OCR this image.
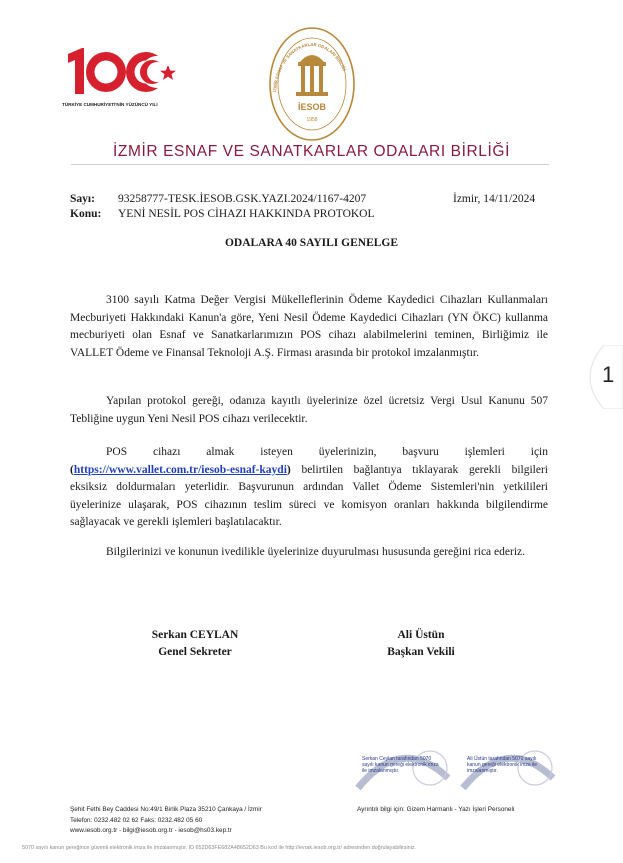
TÜRKİYE CUMHURİYETİ'NİN YÜZÜNCÜ YILI	İESOB
1958
İZMİR ESNAF VE SANATKARLAR ODALARI BİRLİĞİ
İZMİR ESNAF VE SANATKARLAR ODALARI BİRLİĞİ
Sayı: 93258777-TESK.İESOB.GSK.YAZI.2024/1167-4207	İzmir, 14/11/2024
Konu: YENİ NESİL POS CİHAZI HAKKINDA PROTOKOL
ODALARA 40 SAYILI GENELGE
3100 sayılı Katma Değer Vergisi Mükelleflerinin Ödeme Kaydedici Cihazları Kullanmaları Mecburiyeti Hakkındaki Kanun'a göre, Yeni Nesil Ödeme Kaydedici Cihazları (YN ÖKC) kullanma mecburiyeti olan Esnaf ve Sanatkarlarımızın POS cihazı alabilmelerini teminen, Birliğimiz ile VALLET Ödeme ve Finansal Teknoloji A.Ş. Firması arasında bir protokol imzalanmıştır.
Yapılan protokol gereği, odanıza kayıtlı üyelerinize özel ücretsiz Vergi Usul Kanunu 507 Tebliğine uygun Yeni Nesil POS cihazı verilecektir.
POS cihazı almak isteyen üyelerinizin, başvuru işlemleri için (https://www.vallet.com.tr/iesob-esnaf-kaydi) belirtilen bağlantıya tıklayarak gerekli bilgileri eksiksiz doldurmaları yeterlidir. Başvurunun ardından Vallet Ödeme Sistemleri'nin yetkilileri üyelerinize ulaşarak, POS cihazının teslim süreci ve komisyon oranları hakkında bilgilendirme sağlayacak ve gerekli işlemleri başlatılacaktır.
Bilgilerinizi ve konunun ivedilikle üyelerinize duyurulması hususunda gereğini rica ederiz.
Serkan CEYLAN
Genel Sekreter
Ali Üstün
Başkan Vekili
Serkan Ceylan tarafından 5070 sayılı kanun gereği elektronik imza ile imzalanmıştır.
Ali Üstün tarafından 5070 sayılı kanun gereği elektronik imza ile imzalanmıştır.
Şehit Fethi Bey Caddesi No:49/1 Birlik Plaza 35210 Çankaya / İzmir
Telefon: 0232.482 02 62 Faks: 0232.482 05 60
www.iesob.org.tr - bilgi@iesob.org.tr - iesob@hs03.kep.tr
Ayrıntılı bilgi için: Gizem Harmanlı - Yazı İşleri Personeli
5070 sayılı kanun gereğince güvenli elektronik imza ile imzalanmıştır. ID 652D63FE682A48652D63 Bu kod ile http://evrak.iesob.org.tr/ adresinden doğrulayabilirsiniz.
1
